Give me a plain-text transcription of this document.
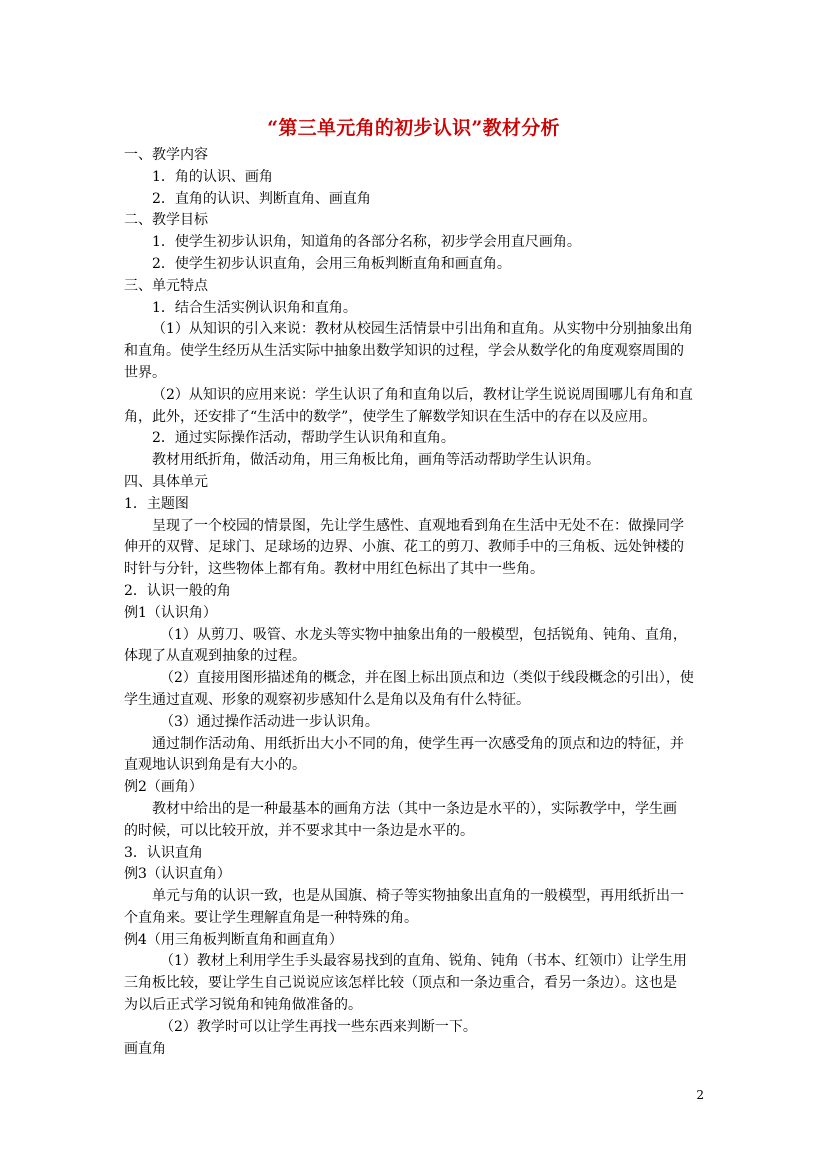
“第三单元角的初步认识”教材分析
一、教学内容
1．角的认识、画角
2．直角的认识、判断直角、画直角
二、教学目标
1．使学生初步认识角，知道角的各部分名称，初步学会用直尺画角。
2．使学生初步认识直角，会用三角板判断直角和画直角。
三、单元特点
1．结合生活实例认识角和直角。
（1）从知识的引入来说：教材从校园生活情景中引出角和直角。从实物中分别抽象出角
和直角。使学生经历从生活实际中抽象出数学知识的过程，学会从数学化的角度观察周围的
世界。
（2）从知识的应用来说：学生认识了角和直角以后，教材让学生说说周围哪儿有角和直
角，此外，还安排了“生活中的数学”，使学生了解数学知识在生活中的存在以及应用。
2．通过实际操作活动，帮助学生认识角和直角。
教材用纸折角，做活动角，用三角板比角，画角等活动帮助学生认识角。
四、具体单元
1．主题图
呈现了一个校园的情景图，先让学生感性、直观地看到角在生活中无处不在：做操同学
伸开的双臂、足球门、足球场的边界、小旗、花工的剪刀、教师手中的三角板、远处钟楼的
时针与分针，这些物体上都有角。教材中用红色标出了其中一些角。
2．认识一般的角
例1（认识角）
（1）从剪刀、吸管、水龙头等实物中抽象出角的一般模型，包括锐角、钝角、直角，
体现了从直观到抽象的过程。
（2）直接用图形描述角的概念，并在图上标出顶点和边（类似于线段概念的引出），使
学生通过直观、形象的观察初步感知什么是角以及角有什么特征。
（3）通过操作活动进一步认识角。
通过制作活动角、用纸折出大小不同的角，使学生再一次感受角的顶点和边的特征，并
直观地认识到角是有大小的。
例2（画角）
教材中给出的是一种最基本的画角方法（其中一条边是水平的），实际教学中，学生画
的时候，可以比较开放，并不要求其中一条边是水平的。
3．认识直角
例3（认识直角）
单元与角的认识一致，也是从国旗、椅子等实物抽象出直角的一般模型，再用纸折出一
个直角来。要让学生理解直角是一种特殊的角。
例4（用三角板判断直角和画直角）
（1）教材上利用学生手头最容易找到的直角、锐角、钝角（书本、红领巾）让学生用
三角板比较，要让学生自己说说应该怎样比较（顶点和一条边重合，看另一条边）。这也是
为以后正式学习锐角和钝角做准备的。
（2）教学时可以让学生再找一些东西来判断一下。
画直角
2
